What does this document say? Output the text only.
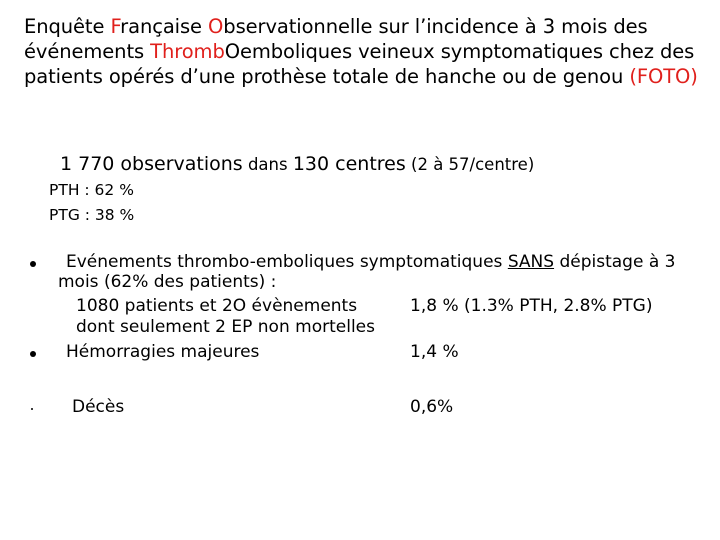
Enquête Française Observationnelle sur l’incidence à 3 mois des événements ThrombOemboliques veineux symptomatiques chez des patients opérés d’une prothèse totale de hanche ou de genou (FOTO)
1 770 observations dans 130 centres (2 à 57/centre)
PTH : 62 %
PTG : 38 %
Evénements thrombo-emboliques symptomatiques SANS dépistage à 3
mois (62% des patients) :
1080 patients et 2O évènements
dont seulement 2 EP non mortelles
1,8 % (1.3% PTH, 2.8% PTG)
Hémorragies majeures	1,4 %
Décès	0,6%
